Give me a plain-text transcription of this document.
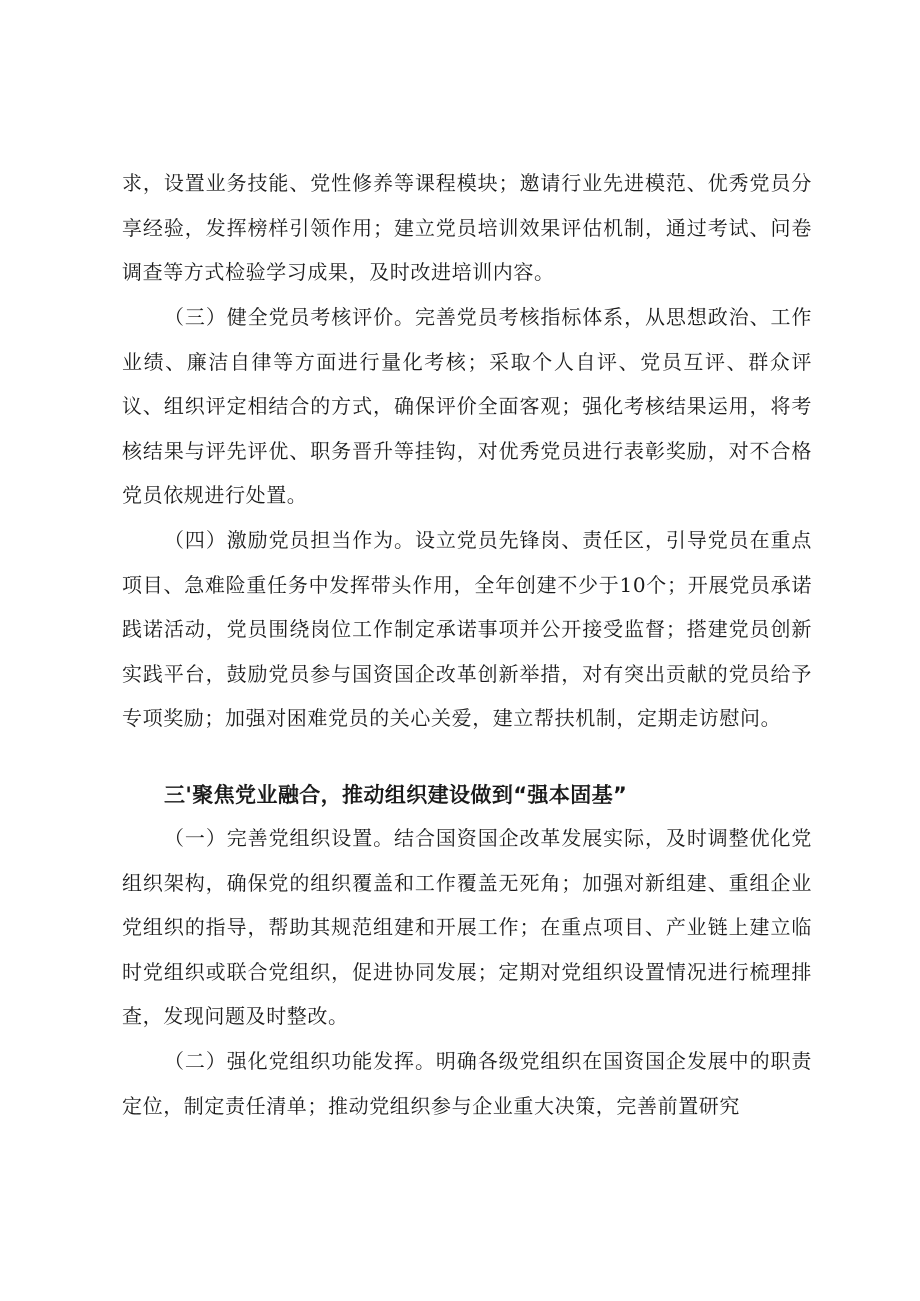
求，设置业务技能、党性修养等课程模块；邀请行业先进模范、优秀党员分享经验，发挥榜样引领作用；建立党员培训效果评估机制，通过考试、问卷调查等方式检验学习成果，及时改进培训内容。

（三）健全党员考核评价。完善党员考核指标体系，从思想政治、工作业绩、廉洁自律等方面进行量化考核；采取个人自评、党员互评、群众评议、组织评定相结合的方式，确保评价全面客观；强化考核结果运用，将考核结果与评先评优、职务晋升等挂钩，对优秀党员进行表彰奖励，对不合格党员依规进行处置。

（四）激励党员担当作为。设立党员先锋岗、责任区，引导党员在重点项目、急难险重任务中发挥带头作用，全年创建不少于10个；开展党员承诺践诺活动，党员围绕岗位工作制定承诺事项并公开接受监督；搭建党员创新实践平台，鼓励党员参与国资国企改革创新举措，对有突出贡献的党员给予专项奖励；加强对困难党员的关心关爱，建立帮扶机制，定期走访慰问。

三'聚焦党业融合，推动组织建设做到“强本固基”

（一）完善党组织设置。结合国资国企改革发展实际，及时调整优化党组织架构，确保党的组织覆盖和工作覆盖无死角；加强对新组建、重组企业党组织的指导，帮助其规范组建和开展工作；在重点项目、产业链上建立临时党组织或联合党组织，促进协同发展；定期对党组织设置情况进行梳理排查，发现问题及时整改。

（二）强化党组织功能发挥。明确各级党组织在国资国企发展中的职责定位，制定责任清单；推动党组织参与企业重大决策，完善前置研究
